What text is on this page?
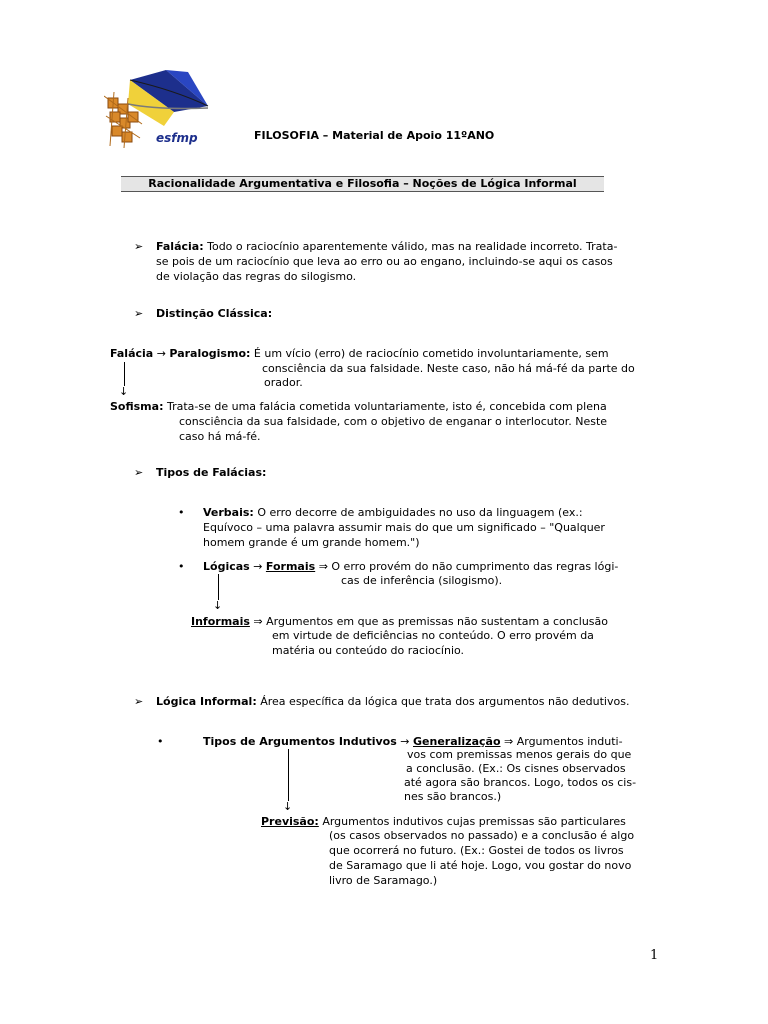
esfmp	FILOSOFIA – Material de Apoio 11ºANO
Racionalidade Argumentativa e Filosofia – Noções de Lógica Informal
➢ Falácia: Todo o raciocínio aparentemente válido, mas na realidade incorreto. Trata-
se pois de um raciocínio que leva ao erro ou ao engano, incluindo-se aqui os casos
de violação das regras do silogismo.
➢ Distinção Clássica:
Falácia → Paralogismo: É um vício (erro) de raciocínio cometido involuntariamente, sem
consciência da sua falsidade. Neste caso, não há má-fé da parte do
orador.
↓
Sofisma: Trata-se de uma falácia cometida voluntariamente, isto é, concebida com plena
consciência da sua falsidade, com o objetivo de enganar o interlocutor. Neste
caso há má-fé.
➢ Tipos de Falácias:
• Verbais: O erro decorre de ambiguidades no uso da linguagem (ex.:
Equívoco – uma palavra assumir mais do que um significado – "Qualquer
homem grande é um grande homem.")
• Lógicas → Formais ⇒ O erro provém do não cumprimento das regras lógi-
cas de inferência (silogismo).
↓
Informais ⇒ Argumentos em que as premissas não sustentam a conclusão
em virtude de deficiências no conteúdo. O erro provém da
matéria ou conteúdo do raciocínio.
➢ Lógica Informal: Área específica da lógica que trata dos argumentos não dedutivos.
•	Tipos de Argumentos Indutivos → Generalização ⇒ Argumentos induti-
vos com premissas menos gerais do que
a conclusão. (Ex.: Os cisnes observados
até agora são brancos. Logo, todos os cis-
nes são brancos.)
↓
Previsão: Argumentos indutivos cujas premissas são particulares
(os casos observados no passado) e a conclusão é algo
que ocorrerá no futuro. (Ex.: Gostei de todos os livros
de Saramago que li até hoje. Logo, vou gostar do novo
livro de Saramago.)
1
